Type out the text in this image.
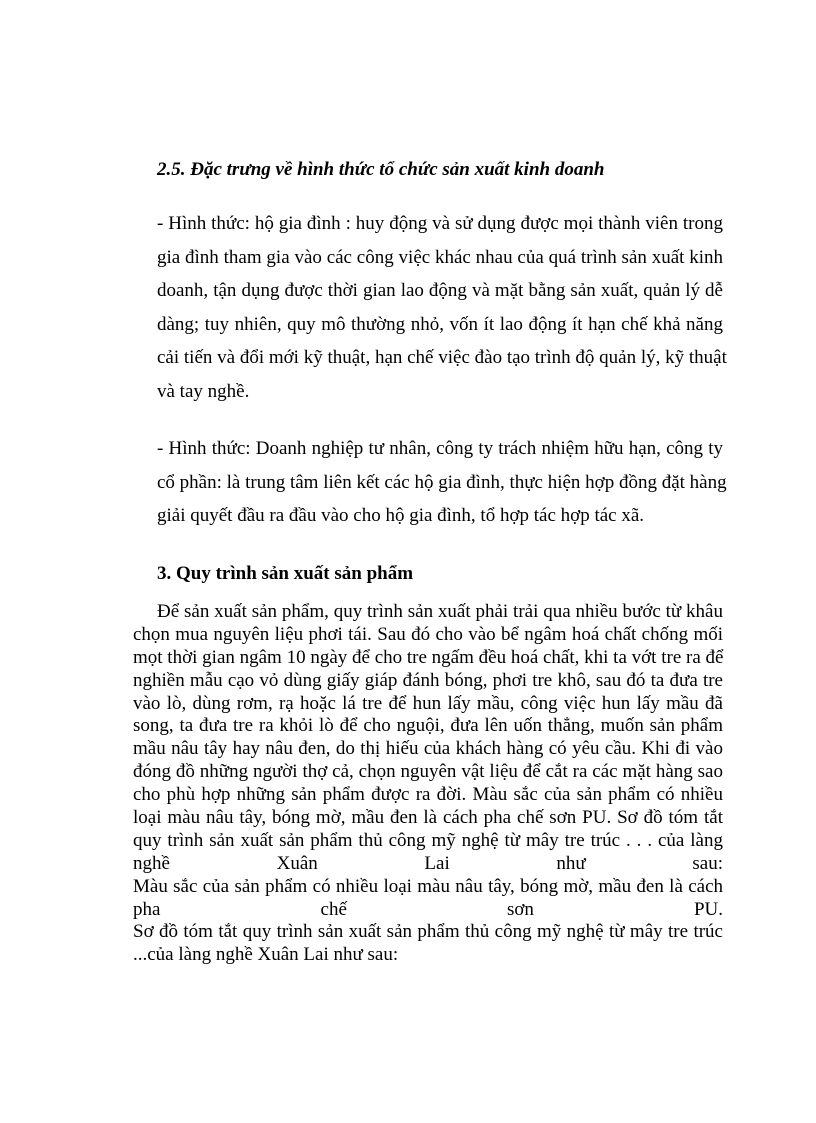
2.5. Đặc trưng về hình thức tổ chức sản xuất kinh doanh
- Hình thức: hộ gia đình : huy động và sử dụng được mọi thành viên trong
gia đình tham gia vào các công việc khác nhau của quá trình sản xuất kinh
doanh, tận dụng được thời gian lao động và mặt bằng sản xuất, quản lý dễ
dàng; tuy nhiên, quy mô thường nhỏ, vốn ít lao động ít hạn chế khả năng
cải tiến và đổi mới kỹ thuật, hạn chế việc đào tạo trình độ quản lý, kỹ thuật
và tay nghề.
- Hình thức: Doanh nghiệp tư nhân, công ty trách nhiệm hữu hạn, công ty
cổ phần: là trung tâm liên kết các hộ gia đình, thực hiện hợp đồng đặt hàng
giải quyết đầu ra đầu vào cho hộ gia đình, tổ hợp tác hợp tác xã.
3. Quy trình sản xuất sản phẩm
Để sản xuất sản phẩm, quy trình sản xuất phải trải qua nhiều bước từ khâu
chọn mua nguyên liệu phơi tái. Sau đó cho vào bể ngâm hoá chất chống mối
mọt thời gian ngâm 10 ngày để cho tre ngấm đều hoá chất, khi ta vớt tre ra để
nghiền mẫu cạo vỏ dùng giấy giáp đánh bóng, phơi tre khô, sau đó ta đưa tre
vào lò, dùng rơm, rạ hoặc lá tre để hun lấy mầu, công việc hun lấy mầu đã
song, ta đưa tre ra khỏi lò để cho nguội, đưa lên uốn thẳng, muốn sản phẩm
mầu nâu tây hay nâu đen, do thị hiếu của khách hàng có yêu cầu. Khi đi vào
đóng đồ những người thợ cả, chọn nguyên vật liệu để cắt ra các mặt hàng sao
cho phù hợp những sản phẩm được ra đời. Màu sắc của sản phẩm có nhiều
loại màu nâu tây, bóng mờ, mầu đen là cách pha chế sơn PU. Sơ đồ tóm tắt
quy trình sản xuất sản phẩm thủ công mỹ nghệ từ mây tre trúc . . . của làng
nghề Xuân Lai như sau:
Màu sắc của sản phẩm có nhiều loại màu nâu tây, bóng mờ, mầu đen là cách
pha chế sơn PU.
Sơ đồ tóm tắt quy trình sản xuất sản phẩm thủ công mỹ nghệ từ mây tre trúc
...của làng nghề Xuân Lai như sau:
